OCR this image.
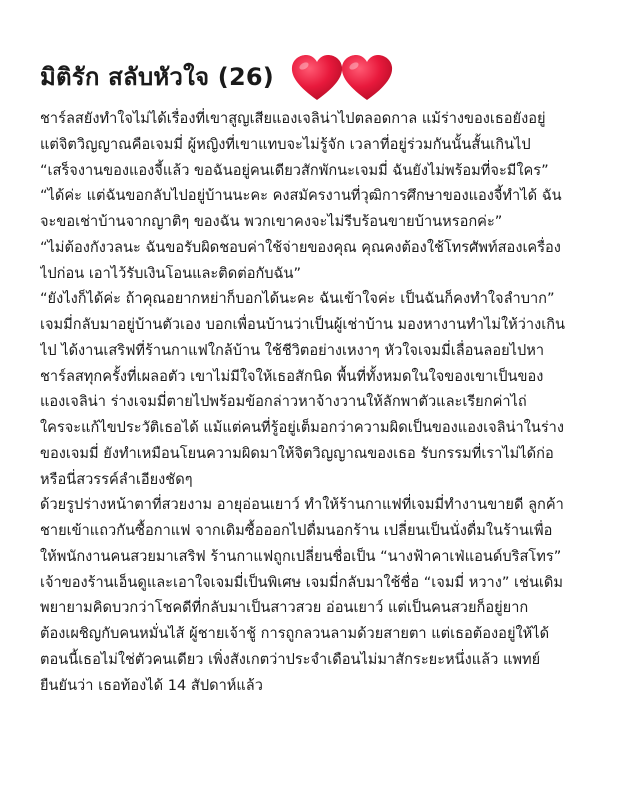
มิติรัก สลับหัวใจ (26)
ชาร์ลสยังทำใจไม่ได้เรื่องที่เขาสูญเสียแองเจลิน่าไปตลอดกาล แม้ร่างของเธอยังอยู่
แต่จิตวิญญาณคือเจมมี่ ผู้หญิงที่เขาแทบจะไม่รู้จัก เวลาที่อยู่ร่วมกันนั้นสั้นเกินไป
“เสร็จงานของแองจี้แล้ว ขอฉันอยู่คนเดียวสักพักนะเจมมี่ ฉันยังไม่พร้อมที่จะมีใคร”
“ได้ค่ะ แต่ฉันขอกลับไปอยู่บ้านนะคะ คงสมัครงานที่วุฒิการศึกษาของแองจี้ทำได้ ฉัน
จะขอเช่าบ้านจากญาติๆ ของฉัน พวกเขาคงจะไม่รีบร้อนขายบ้านหรอกค่ะ”
“ไม่ต้องกังวลนะ ฉันขอรับผิดชอบค่าใช้จ่ายของคุณ คุณคงต้องใช้โทรศัพท์สองเครื่อง
ไปก่อน เอาไว้รับเงินโอนและติดต่อกับฉัน”
“ยังไงก็ได้ค่ะ ถ้าคุณอยากหย่าก็บอกได้นะคะ ฉันเข้าใจค่ะ เป็นฉันก็คงทำใจลำบาก”
เจมมี่กลับมาอยู่บ้านตัวเอง บอกเพื่อนบ้านว่าเป็นผู้เช่าบ้าน มองหางานทำไม่ให้ว่างเกิน
ไป ได้งานเสริฟที่ร้านกาแฟใกล้บ้าน ใช้ชีวิตอย่างเหงาๆ หัวใจเจมมี่เลื่อนลอยไปหา
ชาร์ลสทุกครั้งที่เผลอตัว เขาไม่มีใจให้เธอสักนิด พื้นที่ทั้งหมดในใจของเขาเป็นของ
แองเจลิน่า ร่างเจมมี่ตายไปพร้อมข้อกล่าวหาจ้างวานให้ลักพาตัวและเรียกค่าไถ่
ใครจะแก้ไขประวัติเธอได้ แม้แต่คนที่รู้อยู่เต็มอกว่าความผิดเป็นของแองเจลิน่าในร่าง
ของเจมมี่ ยังทำเหมือนโยนความผิดมาให้จิตวิญญาณของเธอ รับกรรมที่เราไม่ได้ก่อ
หรือนี่สวรรค์ลำเอียงชัดๆ
ด้วยรูปร่างหน้าตาที่สวยงาม อายุอ่อนเยาว์ ทำให้ร้านกาแฟที่เจมมี่ทำงานขายดี ลูกค้า
ชายเข้าแถวกันซื้อกาแฟ จากเดิมซื้อออกไปดื่มนอกร้าน เปลี่ยนเป็นนั่งดื่มในร้านเพื่อ
ให้พนักงานคนสวยมาเสริฟ ร้านกาแฟถูกเปลี่ยนชื่อเป็น “นางฟ้าคาเฟ่แอนด์บริสโทร”
เจ้าของร้านเอ็นดูและเอาใจเจมมี่เป็นพิเศษ เจมมี่กลับมาใช้ชื่อ “เจมมี่ หวาง” เช่นเดิม
พยายามคิดบวกว่าโชคดีที่กลับมาเป็นสาวสวย อ่อนเยาว์ แต่เป็นคนสวยก็อยู่ยาก
ต้องเผชิญกับคนหมั่นไส้ ผู้ชายเจ้าชู้ การถูกลวนลามด้วยสายตา แต่เธอต้องอยู่ให้ได้
ตอนนี้เธอไม่ใช่ตัวคนเดียว เพิ่งสังเกตว่าประจำเดือนไม่มาสักระยะหนึ่งแล้ว แพทย์
ยืนยันว่า เธอท้องได้ 14 สัปดาห์แล้ว
